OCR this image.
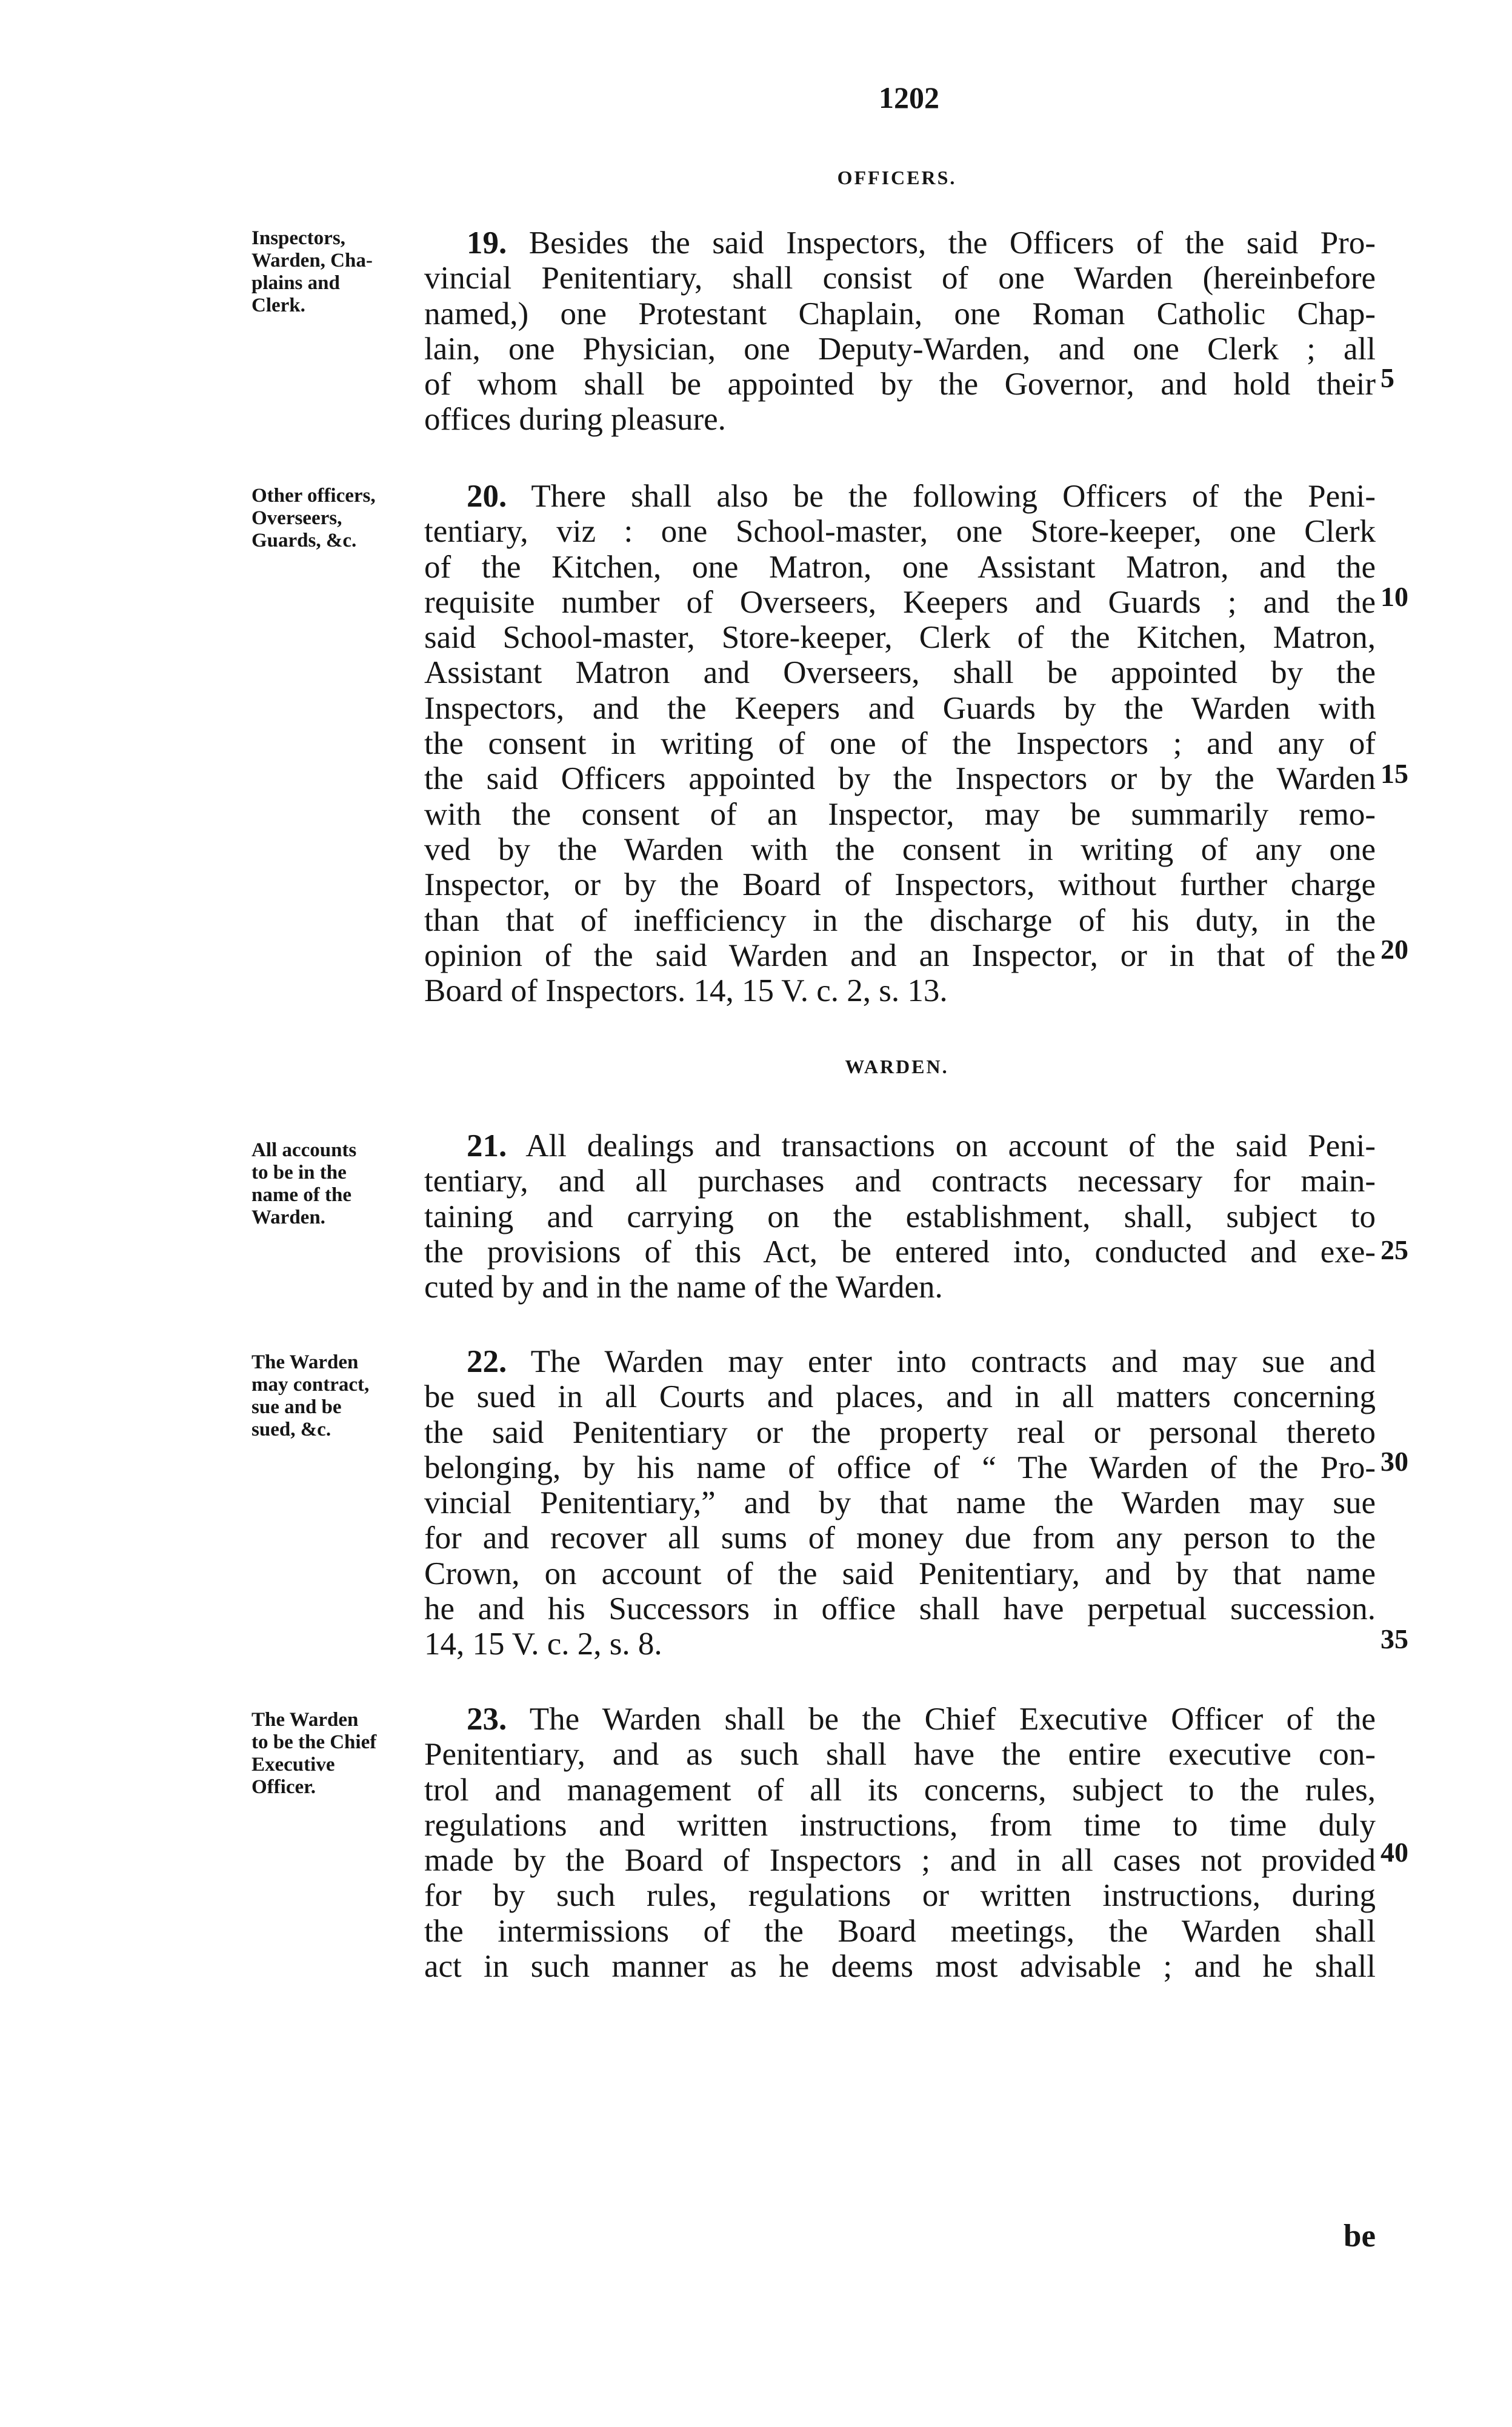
1202
OFFICERS.
WARDEN.
Inspectors,
Warden, Cha-
plains and
Clerk.
19. Besides the said Inspectors, the Officers of the said Pro-
vincial Penitentiary, shall consist of one Warden (hereinbefore
named,) one Protestant Chaplain, one Roman Catholic Chap-
lain, one Physician, one Deputy-Warden, and one Clerk ; all
of whom shall be appointed by the Governor, and hold their
offices during pleasure.
Other officers,
Overseers,
Guards, &c.
20. There shall also be the following Officers of the Peni-
tentiary, viz : one School-master, one Store-keeper, one Clerk
of the Kitchen, one Matron, one Assistant Matron, and the
requisite number of Overseers, Keepers and Guards ; and the
said School-master, Store-keeper, Clerk of the Kitchen, Matron,
Assistant Matron and Overseers, shall be appointed by the
Inspectors, and the Keepers and Guards by the Warden with
the consent in writing of one of the Inspectors ; and any of
the said Officers appointed by the Inspectors or by the Warden
with the consent of an Inspector, may be summarily remo-
ved by the Warden with the consent in writing of any one
Inspector, or by the Board of Inspectors, without further charge
than that of inefficiency in the discharge of his duty, in the
opinion of the said Warden and an Inspector, or in that of the
Board of Inspectors. 14, 15 V. c. 2, s. 13.
All accounts
to be in the
name of the
Warden.
21. All dealings and transactions on account of the said Peni-
tentiary, and all purchases and contracts necessary for main-
taining and carrying on the establishment, shall, subject to
the provisions of this Act, be entered into, conducted and exe-
cuted by and in the name of the Warden.
The Warden
may contract,
sue and be
sued, &c.
22. The Warden may enter into contracts and may sue and
be sued in all Courts and places, and in all matters concerning
the said Penitentiary or the property real or personal thereto
belonging, by his name of office of “ The Warden of the Pro-
vincial Penitentiary,” and by that name the Warden may sue
for and recover all sums of money due from any person to the
Crown, on account of the said Penitentiary, and by that name
he and his Successors in office shall have perpetual succession.
14, 15 V. c. 2, s. 8.
The Warden
to be the Chief
Executive
Officer.
23. The Warden shall be the Chief Executive Officer of the
Penitentiary, and as such shall have the entire executive con-
trol and management of all its concerns, subject to the rules,
regulations and written instructions, from time to time duly
made by the Board of Inspectors ; and in all cases not provided
for by such rules, regulations or written instructions, during
the intermissions of the Board meetings, the Warden shall
act in such manner as he deems most advisable ; and he shall
5
10
15
20
25
30
35
40
be
